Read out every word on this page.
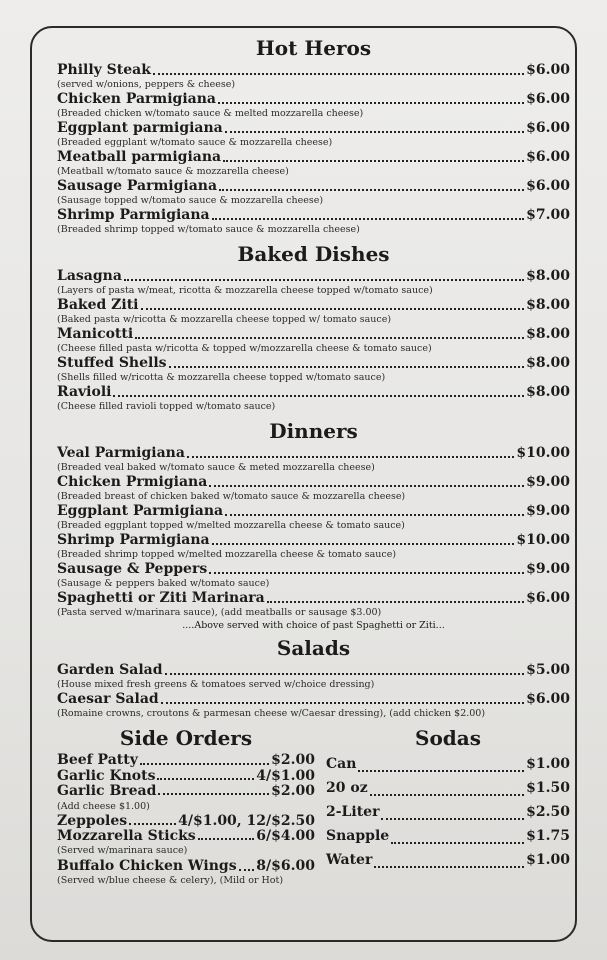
Hot Heros
Philly Steak	$6.00
(served w/onions, peppers & cheese)
Chicken Parmigiana	$6.00
(Breaded chicken w/tomato sauce & melted mozzarella cheese)
Eggplant parmigiana	$6.00
(Breaded eggplant w/tomato sauce & mozzarella cheese)
Meatball parmigiana	$6.00
(Meatball w/tomato sauce & mozzarella cheese)
Sausage Parmigiana	$6.00
(Sausage topped w/tomato sauce & mozzarella cheese)
Shrimp Parmigiana	$7.00
(Breaded shrimp topped w/tomato sauce & mozzarella cheese)
Baked Dishes
Lasagna	$8.00
(Layers of pasta w/meat, ricotta & mozzarella cheese topped w/tomato sauce)
Baked Ziti	$8.00
(Baked pasta w/ricotta & mozzarella cheese topped w/ tomato sauce)
Manicotti	$8.00
(Cheese filled pasta w/ricotta & topped w/mozzarella cheese & tomato sauce)
Stuffed Shells	$8.00
(Shells filled w/ricotta & mozzarella cheese topped w/tomato sauce)
Ravioli	$8.00
(Cheese filled ravioli topped w/tomato sauce)
Dinners
Veal Parmigiana	$10.00
(Breaded veal baked w/tomato sauce & meted mozzarella cheese)
Chicken Prmigiana	$9.00
(Breaded breast of chicken baked w/tomato sauce & mozzarella cheese)
Eggplant Parmigiana	$9.00
(Breaded eggplant topped w/melted mozzarella cheese & tomato sauce)
Shrimp Parmigiana	$10.00
(Breaded shrimp topped w/melted mozzarella cheese & tomato sauce)
Sausage & Peppers	$9.00
(Sausage & peppers baked w/tomato sauce)
Spaghetti or Ziti Marinara	$6.00
(Pasta served w/marinara sauce), (add meatballs or sausage $3.00)
....Above served with choice of past Spaghetti or Ziti...
Salads
Garden Salad	$5.00
(House mixed fresh greens & tomatoes served w/choice dressing)
Caesar Salad	$6.00
(Romaine crowns, croutons & parmesan cheese w/Caesar dressing), (add chicken $2.00)
Side Orders
Beef Patty	$2.00
Garlic Knots	4/$1.00
Garlic Bread	$2.00
(Add cheese $1.00)
Zeppoles	4/$1.00, 12/$2.50
Mozzarella Sticks	6/$4.00
(Served w/marinara sauce)
Buffalo Chicken Wings 8/$6.00
(Served w/blue cheese & celery), (Mild or Hot)
Sodas
Can	$1.00
20 oz	$1.50
2-Liter	$2.50
Snapple	$1.75
Water	$1.00
